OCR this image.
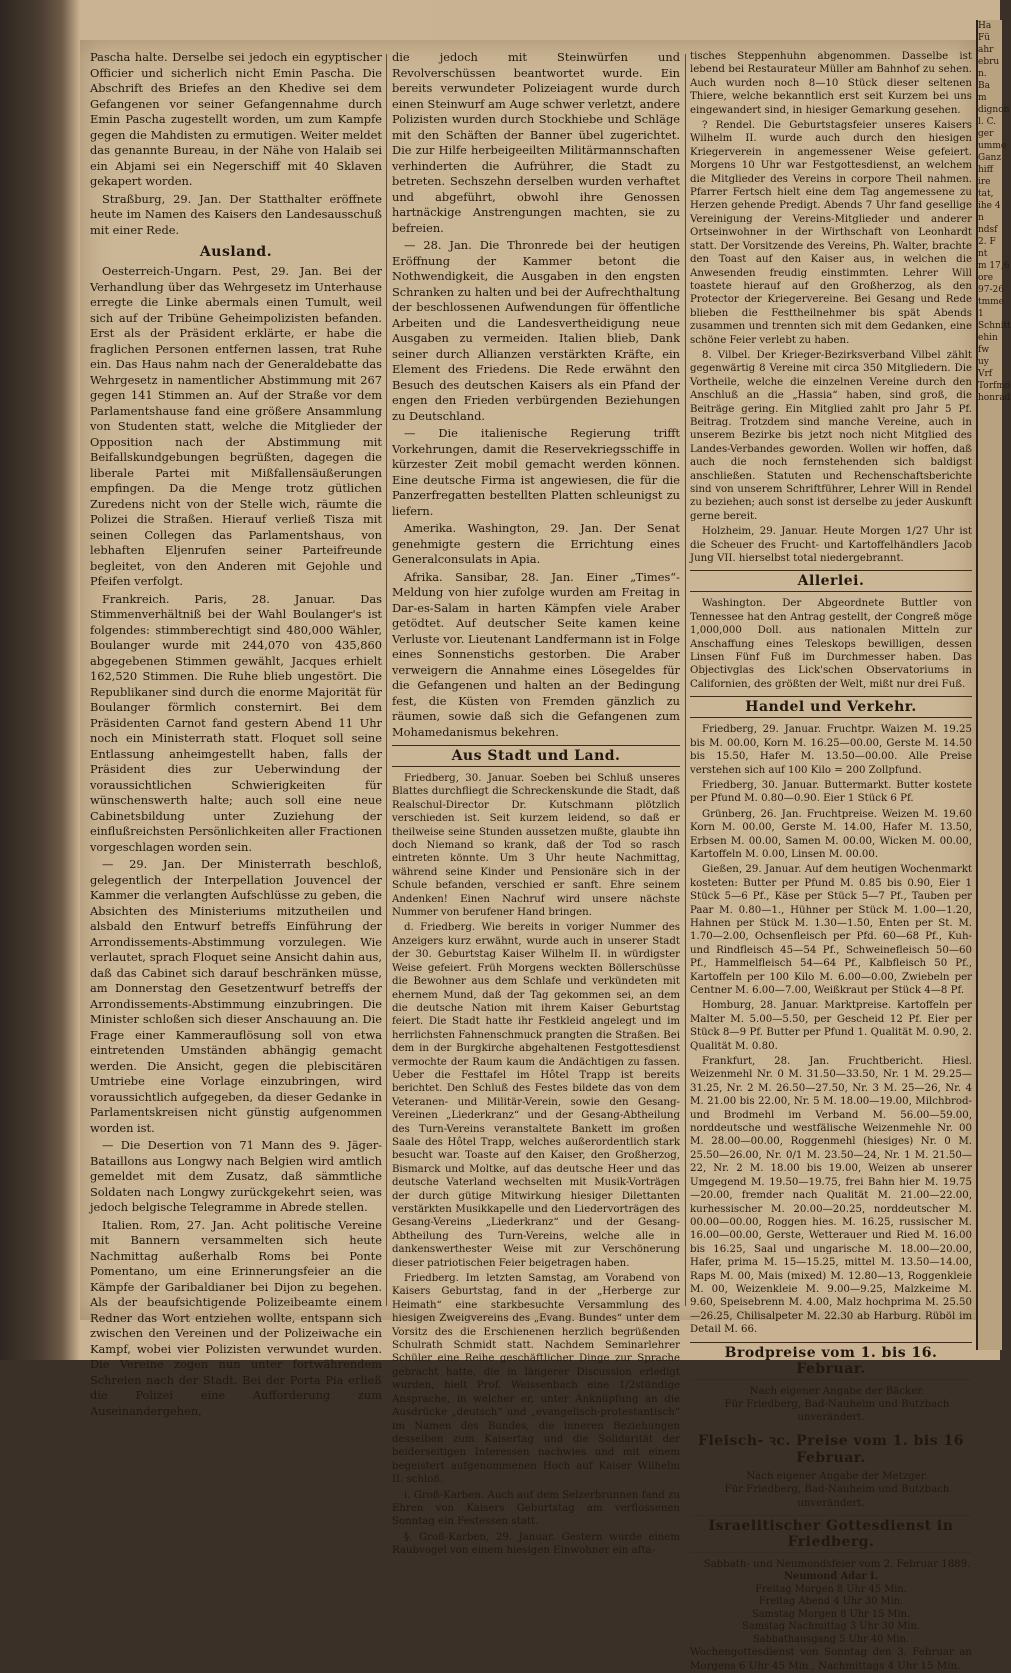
Pascha halte. Derselbe sei jedoch ein egyptischer Officier und sicherlich nicht Emin Pascha. Die Abschrift des Briefes an den Khedive sei dem Gefangenen vor seiner Gefangennahme durch Emin Pascha zugestellt worden, um zum Kampfe gegen die Mahdisten zu ermutigen. Weiter meldet das genannte Bureau, in der Nähe von Halaib sei ein Abjami sei ein Negerschiff mit 40 Sklaven gekapert worden.

Straßburg, 29. Jan. Der Statthalter eröffnete heute im Namen des Kaisers den Landesausschuß mit einer Rede.

Ausland.

Oesterreich-Ungarn. Pest, 29. Jan. Bei der Verhandlung über das Wehrgesetz im Unterhause erregte die Linke abermals einen Tumult, weil sich auf der Tribüne Geheimpolizisten befanden. Erst als der Präsident erklärte, er habe die fraglichen Personen entfernen lassen, trat Ruhe ein. Das Haus nahm nach der Generaldebatte das Wehrgesetz in namentlicher Abstimmung mit 267 gegen 141 Stimmen an. Auf der Straße vor dem Parlamentshause fand eine größere Ansammlung von Studenten statt, welche die Mitglieder der Opposition nach der Abstimmung mit Beifallskundgebungen begrüßten, dagegen die liberale Partei mit Mißfallensäußerungen empfingen. Da die Menge trotz gütlichen Zuredens nicht von der Stelle wich, räumte die Polizei die Straßen. Hierauf verließ Tisza mit seinen Collegen das Parlamentshaus, von lebhaften Eljenrufen seiner Parteifreunde begleitet, von den Anderen mit Gejohle und Pfeifen verfolgt.

Frankreich. Paris, 28. Januar. Das Stimmenverhältniß bei der Wahl Boulanger's ist folgendes: stimmberechtigt sind 480,000 Wähler, Boulanger wurde mit 244,070 von 435,860 abgegebenen Stimmen gewählt, Jacques erhielt 162,520 Stimmen. Die Ruhe blieb ungestört. Die Republikaner sind durch die enorme Majorität für Boulanger förmlich consternirt. Bei dem Präsidenten Carnot fand gestern Abend 11 Uhr noch ein Ministerrath statt. Floquet soll seine Entlassung anheimgestellt haben, falls der Präsident dies zur Ueberwindung der voraussichtlichen Schwierigkeiten für wünschenswerth halte; auch soll eine neue Cabinetsbildung unter Zuziehung der einflußreichsten Persönlichkeiten aller Fractionen vorgeschlagen worden sein.

— 29. Jan. Der Ministerrath beschloß, gelegentlich der Interpellation Jouvencel der Kammer die verlangten Aufschlüsse zu geben, die Absichten des Ministeriums mitzutheilen und alsbald den Entwurf betreffs Einführung der Arrondissements-Abstimmung vorzulegen. Wie verlautet, sprach Floquet seine Ansicht dahin aus, daß das Cabinet sich darauf beschränken müsse, am Donnerstag den Gesetzentwurf betreffs der Arrondissements-Abstimmung einzubringen. Die Minister schloßen sich dieser Anschauung an. Die Frage einer Kammerauflösung soll von etwa eintretenden Umständen abhängig gemacht werden. Die Ansicht, gegen die plebiscitären Umtriebe eine Vorlage einzubringen, wird voraussichtlich aufgegeben, da dieser Gedanke in Parlamentskreisen nicht günstig aufgenommen worden ist.

— Die Desertion von 71 Mann des 9. Jäger-Bataillons aus Longwy nach Belgien wird amtlich gemeldet mit dem Zusatz, daß sämmtliche Soldaten nach Longwy zurückgekehrt seien, was jedoch belgische Telegramme in Abrede stellen.

Italien. Rom, 27. Jan. Acht politische Vereine mit Bannern versammelten sich heute Nachmittag außerhalb Roms bei Ponte Pomentano, um eine Erinnerungsfeier an die Kämpfe der Garibaldianer bei Dijon zu begehen. Als der beaufsichtigende Polizeibeamte einem Redner das Wort entziehen wollte, entspann sich zwischen den Vereinen und der Polizeiwache ein Kampf, wobei vier Polizisten verwundet wurden. Die Vereine zogen nun unter fortwährendem Schreien nach der Stadt. Bei der Porta Pia erließ die Polizei eine Aufforderung zum Auseinandergehen,

die jedoch mit Steinwürfen und Revolverschüssen beantwortet wurde. Ein bereits verwundeter Polizeiagent wurde durch einen Steinwurf am Auge schwer verletzt, andere Polizisten wurden durch Stockhiebe und Schläge mit den Schäften der Banner übel zugerichtet. Die zur Hilfe herbeigeeilten Militärmannschaften verhinderten die Aufrührer, die Stadt zu betreten. Sechszehn derselben wurden verhaftet und abgeführt, obwohl ihre Genossen hartnäckige Anstrengungen machten, sie zu befreien.

— 28. Jan. Die Thronrede bei der heutigen Eröffnung der Kammer betont die Nothwendigkeit, die Ausgaben in den engsten Schranken zu halten und bei der Aufrechthaltung der beschlossenen Aufwendungen für öffentliche Arbeiten und die Landesvertheidigung neue Ausgaben zu vermeiden. Italien blieb, Dank seiner durch Allianzen verstärkten Kräfte, ein Element des Friedens. Die Rede erwähnt den Besuch des deutschen Kaisers als ein Pfand der engen den Frieden verbürgenden Beziehungen zu Deutschland.

— Die italienische Regierung trifft Vorkehrungen, damit die Reservekriegsschiffe in kürzester Zeit mobil gemacht werden können. Eine deutsche Firma ist angewiesen, die für die Panzerfregatten bestellten Platten schleunigst zu liefern.

Amerika. Washington, 29. Jan. Der Senat genehmigte gestern die Errichtung eines Generalconsulats in Apia.

Afrika. Sansibar, 28. Jan. Einer „Times“-Meldung von hier zufolge wurden am Freitag in Dar-es-Salam in harten Kämpfen viele Araber getödtet. Auf deutscher Seite kamen keine Verluste vor. Lieutenant Landfermann ist in Folge eines Sonnenstichs gestorben. Die Araber verweigern die Annahme eines Lösegeldes für die Gefangenen und halten an der Bedingung fest, die Küsten von Fremden gänzlich zu räumen, sowie daß sich die Gefangenen zum Mohamedanismus bekehren.

Aus Stadt und Land.

Friedberg, 30. Januar. Soeben bei Schluß unseres Blattes durchfliegt die Schreckenskunde die Stadt, daß Realschul-Director Dr. Kutschmann plötzlich verschieden ist. Seit kurzem leidend, so daß er theilweise seine Stunden aussetzen mußte, glaubte ihn doch Niemand so krank, daß der Tod so rasch eintreten könnte. Um 3 Uhr heute Nachmittag, während seine Kinder und Pensionäre sich in der Schule befanden, verschied er sanft. Ehre seinem Andenken! Einen Nachruf wird unsere nächste Nummer von berufener Hand bringen.

d. Friedberg. Wie bereits in voriger Nummer des Anzeigers kurz erwähnt, wurde auch in unserer Stadt der 30. Geburtstag Kaiser Wilhelm II. in würdigster Weise gefeiert. Früh Morgens weckten Böllerschüsse die Bewohner aus dem Schlafe und verkündeten mit ehernem Mund, daß der Tag gekommen sei, an dem die deutsche Nation mit ihrem Kaiser Geburtstag feiert. Die Stadt hatte ihr Festkleid angelegt und im herrlichsten Fahnenschmuck prangten die Straßen. Bei dem in der Burgkirche abgehaltenen Festgottesdienst vermochte der Raum kaum die Andächtigen zu fassen. Ueber die Festtafel im Hôtel Trapp ist bereits berichtet. Den Schluß des Festes bildete das von dem Veteranen- und Militär-Verein, sowie den Gesang-Vereinen „Liederkranz“ und der Gesang-Abtheilung des Turn-Vereins veranstaltete Bankett im großen Saale des Hôtel Trapp, welches außerordentlich stark besucht war. Toaste auf den Kaiser, den Großherzog, Bismarck und Moltke, auf das deutsche Heer und das deutsche Vaterland wechselten mit Musik-Vorträgen der durch gütige Mitwirkung hiesiger Dilettanten verstärkten Musikkapelle und den Liedervorträgen des Gesang-Vereins „Liederkranz“ und der Gesang-Abtheilung des Turn-Vereins, welche alle in dankenswerthester Weise mit zur Verschönerung dieser patriotischen Feier beigetragen haben.

Friedberg. Im letzten Samstag, am Vorabend von Kaisers Geburtstag, fand in der „Herberge zur Heimath“ eine starkbesuchte Versammlung des hiesigen Zweigvereins des „Evang. Bundes“ unter dem Vorsitz des die Erschienenen herzlich begrüßenden Schulrath Schmidt statt. Nachdem Seminarlehrer Schüler eine Reihe geschäftlicher Dinge zur Sprache gebracht hatte, die in längerer Discussion erledigt wurden, hielt Prof. Weissenbach eine 1/2stündige Ansprache, in welcher er, unter Anknüpfung an die Ausdrücke „deutsch“ und „evangelisch-protestantisch“ im Namen des Bundes, die inneren Beziehungen desselben zum Kaisertag und die Solidarität der beiderseitigen Interessen nachwies und mit einem begeistert aufgenommenen Hoch auf Kaiser Wilhelm II. schloß.

i. Groß-Karben. Auch auf dem Selzerbrunnen fand zu Ehren von Kaisers Geburtstag am verflossenen Sonntag ein Festessen statt.

§. Groß-Karben, 29. Januar. Gestern wurde einem Raubvogel von einem hiesigen Einwohner ein afta-

tisches Steppenhuhn abgenommen. Dasselbe ist lebend bei Restaurateur Müller am Bahnhof zu sehen. Auch wurden noch 8—10 Stück dieser seltenen Thiere, welche bekanntlich erst seit Kurzem bei uns eingewandert sind, in hiesiger Gemarkung gesehen.

? Rendel. Die Geburtstagsfeier unseres Kaisers Wilhelm II. wurde auch durch den hiesigen Kriegerverein in angemessener Weise gefeiert. Morgens 10 Uhr war Festgottesdienst, an welchem die Mitglieder des Vereins in corpore Theil nahmen. Pfarrer Fertsch hielt eine dem Tag angemessene zu Herzen gehende Predigt. Abends 7 Uhr fand gesellige Vereinigung der Vereins-Mitglieder und anderer Ortseinwohner in der Wirthschaft von Leonhardt statt. Der Vorsitzende des Vereins, Ph. Walter, brachte den Toast auf den Kaiser aus, in welchen die Anwesenden freudig einstimmten. Lehrer Will toastete hierauf auf den Großherzog, als den Protector der Kriegervereine. Bei Gesang und Rede blieben die Festtheilnehmer bis spät Abends zusammen und trennten sich mit dem Gedanken, eine schöne Feier verlebt zu haben.

8. Vilbel. Der Krieger-Bezirksverband Vilbel zählt gegenwärtig 8 Vereine mit circa 350 Mitgliedern. Die Vortheile, welche die einzelnen Vereine durch den Anschluß an die „Hassia“ haben, sind groß, die Beiträge gering. Ein Mitglied zahlt pro Jahr 5 Pf. Beitrag. Trotzdem sind manche Vereine, auch in unserem Bezirke bis jetzt noch nicht Mitglied des Landes-Verbandes geworden. Wollen wir hoffen, daß auch die noch fernstehenden sich baldigst anschließen. Statuten und Rechenschaftsberichte sind von unserem Schriftführer, Lehrer Will in Rendel zu beziehen; auch sonst ist derselbe zu jeder Auskunft gerne bereit.

Holzheim, 29. Januar. Heute Morgen 1/27 Uhr ist die Scheuer des Frucht- und Kartoffelhändlers Jacob Jung VII. hierselbst total niedergebrannt.

Allerlei.

Washington. Der Abgeordnete Buttler von Tennessee hat den Antrag gestellt, der Congreß möge 1,000,000 Doll. aus nationalen Mitteln zur Anschaffung eines Teleskops bewilligen, dessen Linsen Fünf Fuß im Durchmesser haben. Das Objectivglas des Lick'schen Observatoriums in Californien, des größten der Welt, mißt nur drei Fuß.

Handel und Verkehr.

Friedberg, 29. Januar. Fruchtpr. Waizen M. 19.25 bis M. 00.00, Korn M. 16.25—00.00, Gerste M. 14.50 bis 15.50, Hafer M. 13.50—00.00. Alle Preise verstehen sich auf 100 Kilo = 200 Zollpfund.

Friedberg, 30. Januar. Buttermarkt. Butter kostete per Pfund M. 0.80—0.90. Eier 1 Stück 6 Pf.

Grünberg, 26. Jan. Fruchtpreise. Weizen M. 19.60 Korn M. 00.00, Gerste M. 14.00, Hafer M. 13.50, Erbsen M. 00.00, Samen M. 00.00, Wicken M. 00.00, Kartoffeln M. 0.00, Linsen M. 00.00.

Gießen, 29. Januar. Auf dem heutigen Wochenmarkt kosteten: Butter per Pfund M. 0.85 bis 0.90, Eier 1 Stück 5—6 Pf., Käse per Stück 5—7 Pf., Tauben per Paar M. 0.80—1., Hühner per Stück M. 1.00—1.20, Hahnen per Stück M. 1.30—1.50, Enten per St. M. 1.70—2.00, Ochsenfleisch per Pfd. 60—68 Pf., Kuh- und Rindfleisch 45—54 Pf., Schweinefleisch 50—60 Pf., Hammelfleisch 54—64 Pf., Kalbfleisch 50 Pf., Kartoffeln per 100 Kilo M. 6.00—0.00, Zwiebeln per Centner M. 6.00—7.00, Weißkraut per Stück 4—8 Pf.

Homburg, 28. Januar. Marktpreise. Kartoffeln per Malter M. 5.00—5.50, per Gescheid 12 Pf. Eier per Stück 8—9 Pf. Butter per Pfund 1. Qualität M. 0.90, 2. Qualität M. 0.80.

Frankfurt, 28. Jan. Fruchtbericht. Hiesl. Weizenmehl Nr. 0 M. 31.50—33.50, Nr. 1 M. 29.25—31.25, Nr. 2 M. 26.50—27.50, Nr. 3 M. 25—26, Nr. 4 M. 21.00 bis 22.00, Nr. 5 M. 18.00—19.00, Milchbrod- und Brodmehl im Verband M. 56.00—59.00, norddeutsche und westfälische Weizenmehle Nr. 00 M. 28.00—00.00, Roggenmehl (hiesiges) Nr. 0 M. 25.50—26.00, Nr. 0/1 M. 23.50—24, Nr. 1 M. 21.50—22, Nr. 2 M. 18.00 bis 19.00, Weizen ab unserer Umgegend M. 19.50—19.75, frei Bahn hier M. 19.75—20.00, fremder nach Qualität M. 21.00—22.00, kurhessischer M. 20.00—20.25, norddeutscher M. 00.00—00.00, Roggen hies. M. 16.25, russischer M. 16.00—00.00, Gerste, Wetterauer und Ried M. 16.00 bis 16.25, Saal und ungarische M. 18.00—20.00, Hafer, prima M. 15—15.25, mittel M. 13.50—14.00, Raps M. 00, Mais (mixed) M. 12.80—13, Roggenkleie M. 00, Weizenkleie M. 9.00—9.25, Malzkeime M. 9.60, Speisebrenn M. 4.00, Malz hochprima M. 25.50—26.25, Chilisalpeter M. 22.30 ab Harburg. Rüböl im Detail M. 66.

Brodpreise vom 1. bis 16. Februar.

Nach eigener Angabe der Bäcker.

Für Friedberg, Bad-Nauheim und Butzbach unverändert.

Fleisch- ꝛc. Preise vom 1. bis 16 Februar.

Nach eigener Angabe der Metzger.

Für Friedberg, Bad-Nauheim und Butzbach unverändert.

Israelitischer Gottesdienst in Friedberg.

Sabbath- und Neumondsfeier vom 2. Februar 1889.

Neumond Adar I.
Freitag Morgen 8 Uhr 45 Min.
Freitag Abend 4 Uhr 30 Min.
Samstag Morgen 8 Uhr 15 Min.
Samstag Nachmittag 3 Uhr 30 Min.
Sabbathausgang 5 Uhr 40 Min.

Wochengottesdienst von Sonntag den 3. Februar an Morgens 6 Uhr 45 Min., Nachmittags 4 Uhr 15 Min.

Ha
Fü
ahr
ebru
n.
Ba
m
dignon
l. C.
ger
umme
Ganz
hiff
ire
tat,
ihe 4
n
ndsf
2. F
nt
m 17,6
ore
97-26
tmme
1
Schnitt
ehin
fw
uy
Vrf
Torfmo
honrad
